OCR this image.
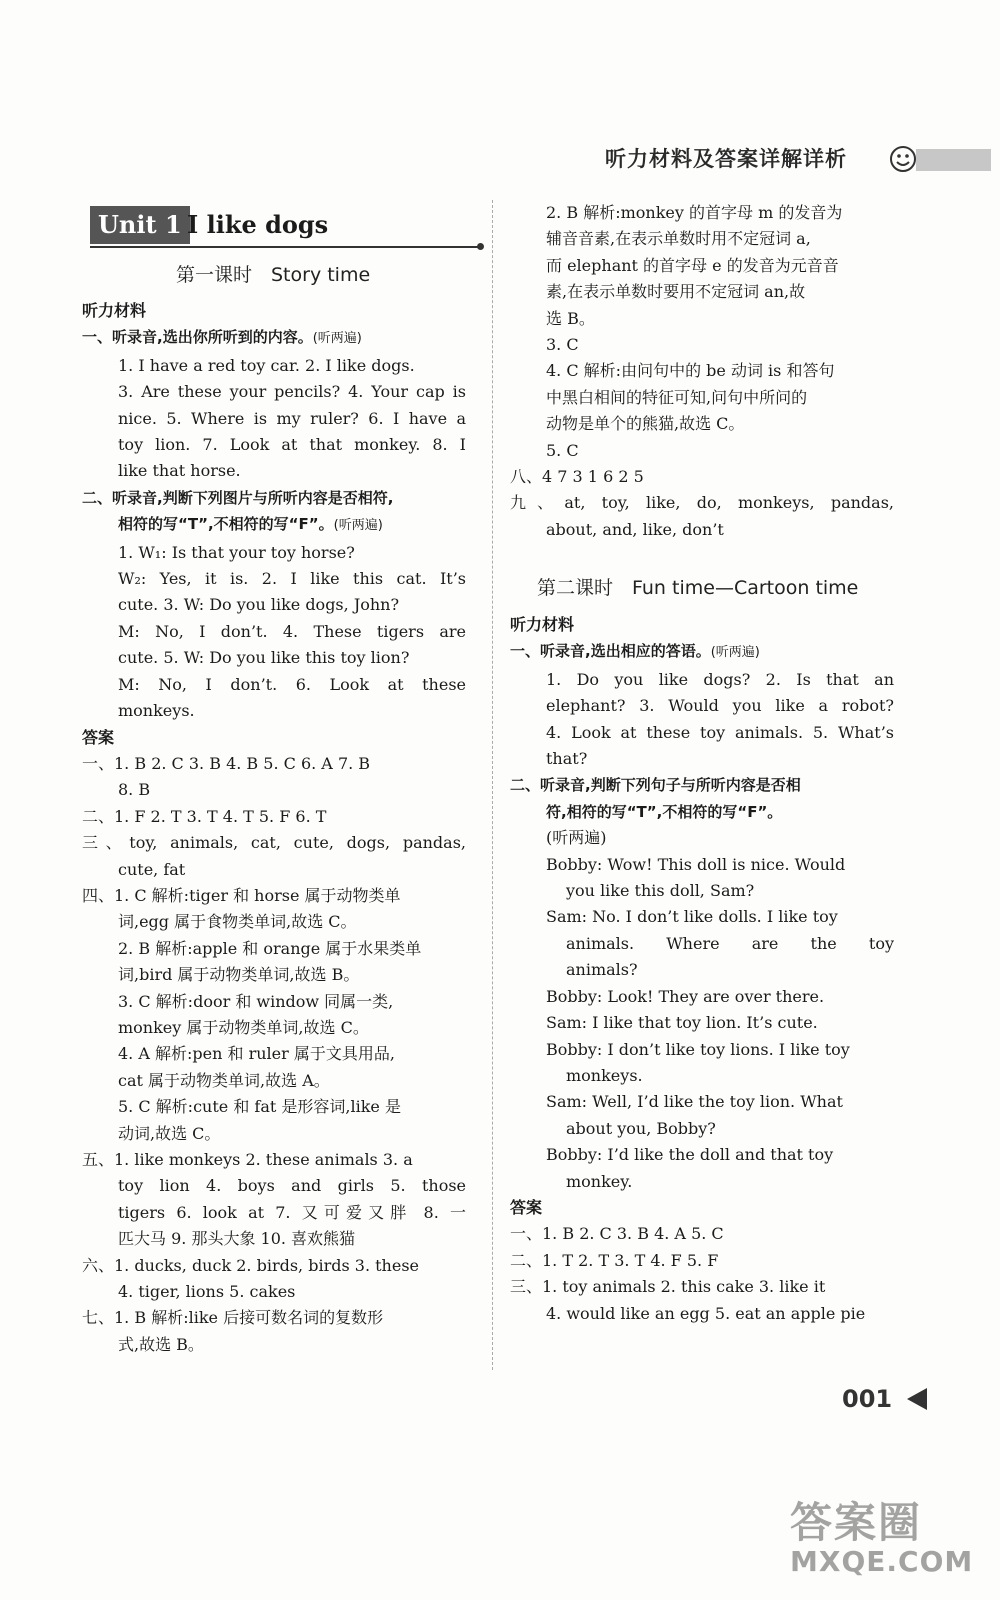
听力材料及答案详解详析
Unit 1 I like dogs
第一课时　Story time

听力材料

一、听录音,选出你所听到的内容。(听两遍)

1. I have a red toy car. 2. I like dogs.

3. Are these your pencils? 4. Your cap is

nice. 5. Where is my ruler? 6. I have a

toy lion. 7. Look at that monkey. 8. I

like that horse.

二、听录音,判断下列图片与所听内容是否相符,

相符的写“T”,不相符的写“F”。(听两遍)

1. W₁: Is that your toy horse?

W₂: Yes, it is. 2. I like this cat. It’s

cute. 3. W: Do you like dogs, John?

M: No, I don’t. 4. These tigers are

cute. 5. W: Do you like this toy lion?

M: No, I don’t. 6. Look at these

monkeys.

答案

一、1. B 2. C 3. B 4. B 5. C 6. A 7. B

8. B

二、1. F 2. T 3. T 4. T 5. F 6. T

三、toy, animals, cat, cute, dogs, pandas,

cute, fat

四、1. C 解析:tiger 和 horse 属于动物类单

词,egg 属于食物类单词,故选 C。

2. B 解析:apple 和 orange 属于水果类单

词,bird 属于动物类单词,故选 B。

3. C 解析:door 和 window 同属一类,

monkey 属于动物类单词,故选 C。

4. A 解析:pen 和 ruler 属于文具用品,

cat 属于动物类单词,故选 A。

5. C 解析:cute 和 fat 是形容词,like 是

动词,故选 C。

五、1. like monkeys 2. these animals 3. a

toy lion 4. boys and girls 5. those

tigers 6. look at 7. 又可爱又胖 8. 一

匹大马 9. 那头大象 10. 喜欢熊猫

六、1. ducks, duck 2. birds, birds 3. these

4. tiger, lions 5. cakes

七、1. B 解析:like 后接可数名词的复数形

式,故选 B。

2. B 解析:monkey 的首字母 m 的发音为

辅音音素,在表示单数时用不定冠词 a,

而 elephant 的首字母 e 的发音为元音音

素,在表示单数时要用不定冠词 an,故

选 B。

3. C

4. C 解析:由问句中的 be 动词 is 和答句

中黑白相间的特征可知,问句中所问的

动物是单个的熊猫,故选 C。

5. C

八、4 7 3 1 6 2 5

九、at, toy, like, do, monkeys, pandas,

about, and, like, don’t

第二课时　Fun time—Cartoon time

听力材料

一、听录音,选出相应的答语。(听两遍)

1. Do you like dogs? 2. Is that an

elephant? 3. Would you like a robot?

4. Look at these toy animals. 5. What’s

that?

二、听录音,判断下列句子与所听内容是否相

符,相符的写“T”,不相符的写“F”。

(听两遍)

Bobby: Wow! This doll is nice. Would

you like this doll, Sam?

Sam: No. I don’t like dolls. I like toy

animals. Where are the toy

animals?

Bobby: Look! They are over there.

Sam: I like that toy lion. It’s cute.

Bobby: I don’t like toy lions. I like toy

monkeys.

Sam: Well, I’d like the toy lion. What

about you, Bobby?

Bobby: I’d like the doll and that toy

monkey.

答案

一、1. B 2. C 3. B 4. A 5. C

二、1. T 2. T 3. T 4. F 5. F

三、1. toy animals 2. this cake 3. like it

4. would like an egg 5. eat an apple pie

001
答案圈
MXQE.COM
